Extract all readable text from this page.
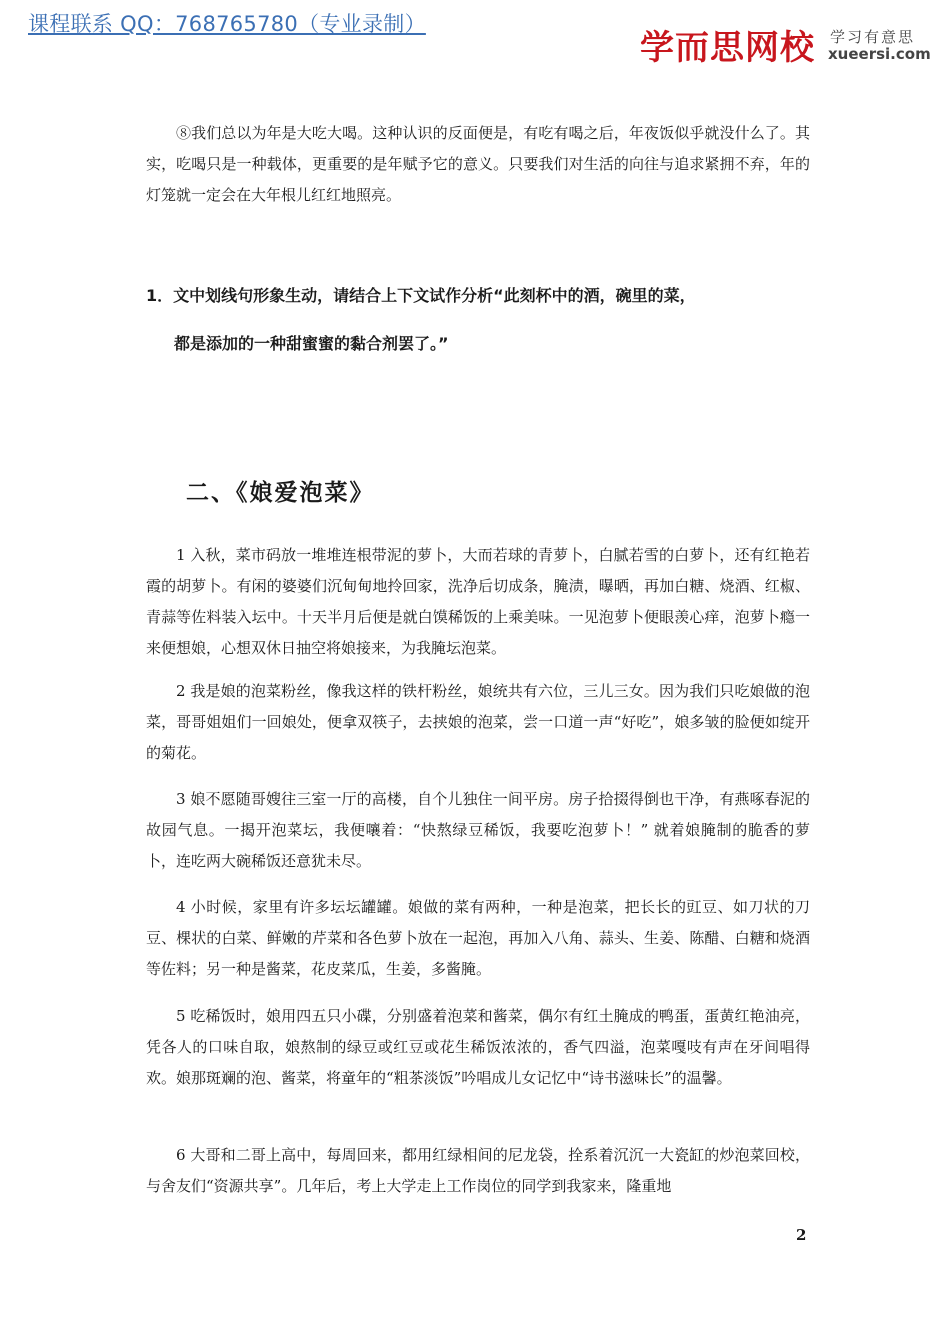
课程联系 QQ：768765780（专业录制）
学而思网校 学习有意思
xueersi.com

⑧我们总以为年是大吃大喝。这种认识的反面便是，有吃有喝之后，年夜饭似乎就没什么了。其实，吃喝只是一种载体，更重要的是年赋予它的意义。只要我们对生活的向往与追求紧拥不弃，年的灯笼就一定会在大年根儿红红地照亮。

1．文中划线句形象生动，请结合上下文试作分析“此刻杯中的酒，碗里的菜，
都是添加的一种甜蜜蜜的黏合剂罢了。”
二、《娘爱泡菜》

1 入秋，菜市码放一堆堆连根带泥的萝卜，大而若球的青萝卜，白腻若雪的白萝卜，还有红艳若霞的胡萝卜。有闲的婆婆们沉甸甸地拎回家，洗净后切成条，腌渍，曝晒，再加白糖、烧酒、红椒、青蒜等佐料装入坛中。十天半月后便是就白馍稀饭的上乘美味。一见泡萝卜便眼羡心痒，泡萝卜瘾一来便想娘，心想双休日抽空将娘接来，为我腌坛泡菜。

2 我是娘的泡菜粉丝，像我这样的铁杆粉丝，娘统共有六位，三儿三女。因为我们只吃娘做的泡菜，哥哥姐姐们一回娘处，便拿双筷子，去挟娘的泡菜，尝一口道一声“好吃”，娘多皱的脸便如绽开的菊花。

3 娘不愿随哥嫂往三室一厅的高楼，自个儿独住一间平房。房子拾掇得倒也干净，有燕啄春泥的故园气息。一揭开泡菜坛，我便嚷着：“快熬绿豆稀饭，我要吃泡萝卜！” 就着娘腌制的脆香的萝卜，连吃两大碗稀饭还意犹未尽。

4 小时候，家里有许多坛坛罐罐。娘做的菜有两种，一种是泡菜，把长长的豇豆、如刀状的刀豆、棵状的白菜、鲜嫩的芹菜和各色萝卜放在一起泡，再加入八角、蒜头、生姜、陈醋、白糖和烧酒等佐料；另一种是酱菜，花皮菜瓜，生姜，多酱腌。

5 吃稀饭时，娘用四五只小碟，分别盛着泡菜和酱菜，偶尔有红土腌成的鸭蛋，蛋黄红艳油亮，凭各人的口味自取，娘熬制的绿豆或红豆或花生稀饭浓浓的，香气四溢，泡菜嘎吱有声在牙间唱得欢。娘那斑斓的泡、酱菜，将童年的“粗茶淡饭”吟唱成儿女记忆中“诗书滋味长”的温馨。

6 大哥和二哥上高中，每周回来，都用红绿相间的尼龙袋，拴系着沉沉一大瓷缸的炒泡菜回校，与舍友们“资源共享”。几年后，考上大学走上工作岗位的同学到我家来，隆重地

2
